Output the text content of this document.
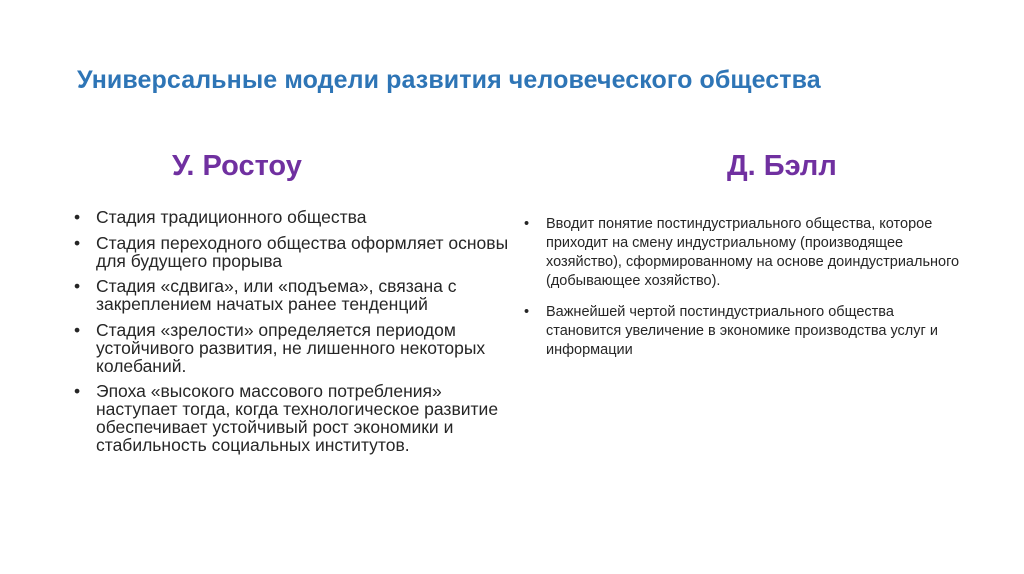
Универсальные модели развития человеческого общества
У. Ростоу	Д. Бэлл
• Стадия традиционного общества
• Стадия переходного общества оформляет основы для будущего прорыва
• Стадия «сдвига», или «подъема», связана с закреплением начатых ранее тенденций
• Стадия «зрелости» определяется периодом устойчивого развития, не лишенного некоторых колебаний.
• Эпоха «высокого массового потребления» наступает тогда, когда технологическое развитие обеспечивает устойчивый рост экономики и стабильность социальных институтов.
• Вводит понятие постиндустриального общества, которое приходит на смену индустриальному (производящее хозяйство), сформированному на основе доиндустриального (добывающее хозяйство).
• Важнейшей чертой постиндустриального общества становится увеличение в экономике производства услуг и информации
